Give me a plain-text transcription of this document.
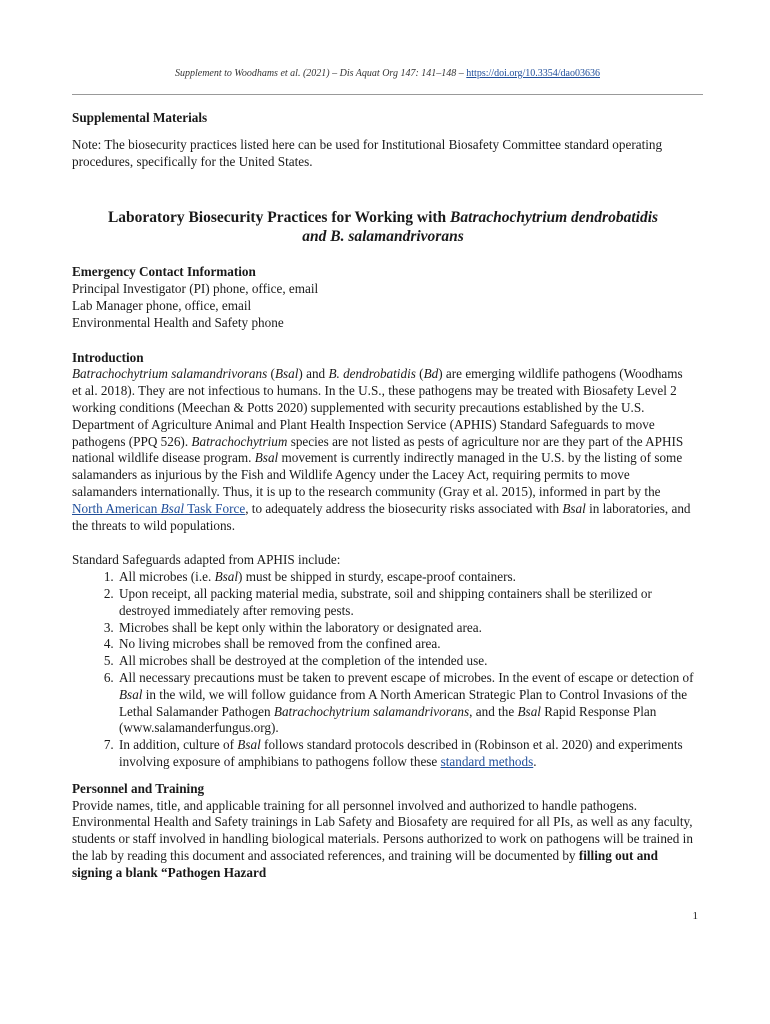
Supplement to Woodhams et al. (2021) – Dis Aquat Org 147: 141–148 – https://doi.org/10.3354/dao03636

Supplemental Materials

Note: The biosecurity practices listed here can be used for Institutional Biosafety Committee standard operating procedures, specifically for the United States.

Laboratory Biosecurity Practices for Working with Batrachochytrium dendrobatidis
and B. salamandrivorans

Emergency Contact Information

Principal Investigator (PI) phone, office, email

Lab Manager phone, office, email

Environmental Health and Safety phone

Introduction

Batrachochytrium salamandrivorans (Bsal) and B. dendrobatidis (Bd) are emerging wildlife pathogens (Woodhams et al. 2018). They are not infectious to humans. In the U.S., these pathogens may be treated with Biosafety Level 2 working conditions (Meechan & Potts 2020) supplemented with security precautions established by the U.S. Department of Agriculture Animal and Plant Health Inspection Service (APHIS) Standard Safeguards to move pathogens (PPQ 526). Batrachochytrium species are not listed as pests of agriculture nor are they part of the APHIS national wildlife disease program. Bsal movement is currently indirectly managed in the U.S. by the listing of some salamanders as injurious by the Fish and Wildlife Agency under the Lacey Act, requiring permits to move salamanders internationally. Thus, it is up to the research community (Gray et al. 2015), informed in part by the North American Bsal Task Force, to adequately address the biosecurity risks associated with Bsal in laboratories, and the threats to wild populations.

Standard Safeguards adapted from APHIS include:

1. All microbes (i.e. Bsal) must be shipped in sturdy, escape-proof containers.
2. Upon receipt, all packing material media, substrate, soil and shipping containers shall be sterilized or destroyed immediately after removing pests.
3. Microbes shall be kept only within the laboratory or designated area.
4. No living microbes shall be removed from the confined area.
5. All microbes shall be destroyed at the completion of the intended use.
6. All necessary precautions must be taken to prevent escape of microbes. In the event of escape or detection of Bsal in the wild, we will follow guidance from A North American Strategic Plan to Control Invasions of the Lethal Salamander Pathogen Batrachochytrium salamandrivorans, and the Bsal Rapid Response Plan (www.salamanderfungus.org).
7. In addition, culture of Bsal follows standard protocols described in (Robinson et al. 2020) and experiments involving exposure of amphibians to pathogens follow these standard methods.

Personnel and Training

Provide names, title, and applicable training for all personnel involved and authorized to handle pathogens. Environmental Health and Safety trainings in Lab Safety and Biosafety are required for all PIs, as well as any faculty, students or staff involved in handling biological materials. Persons authorized to work on pathogens will be trained in the lab by reading this document and associated references, and training will be documented by filling out and signing a blank “Pathogen Hazard

1
